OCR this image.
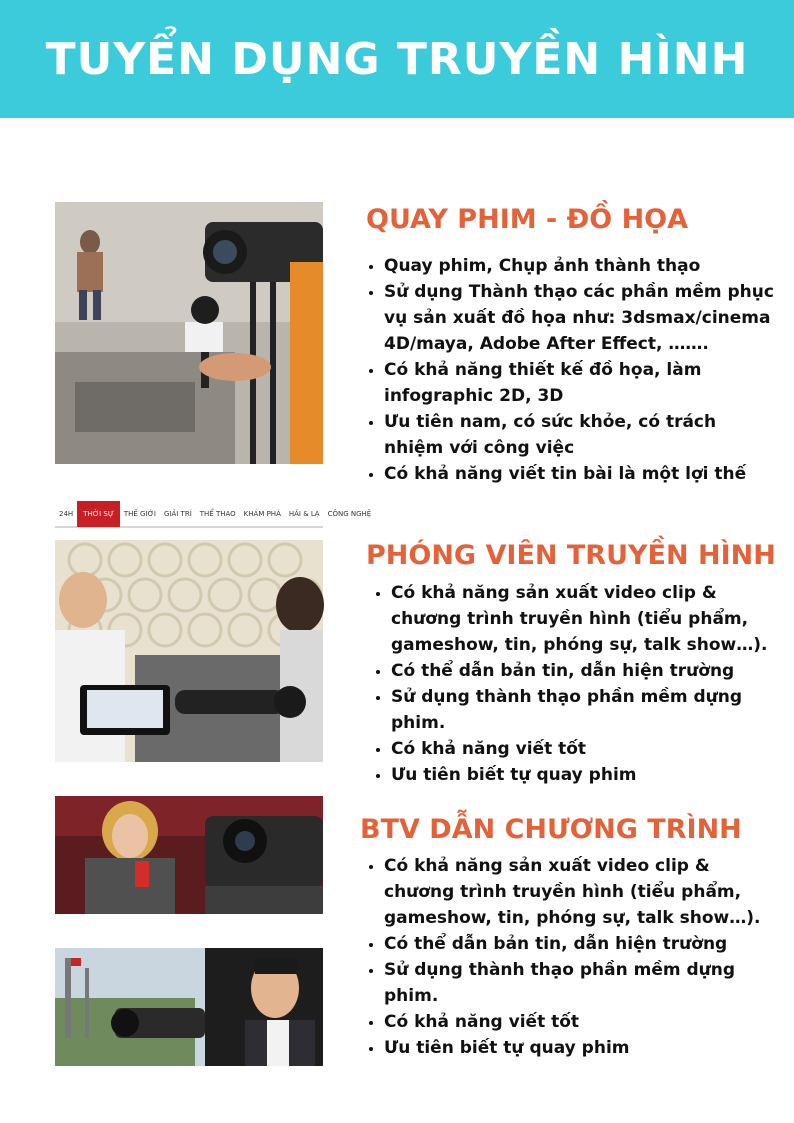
TUYỂN DỤNG TRUYỀN HÌNH
24H	THỜI SỰ	THẾ GIỚI	GIẢI TRÍ	THỂ THAO	KHÁM PHÁ	HẢI & LẠ	CÔNG NGHỆ
QUAY PHIM - ĐỒ HỌA
• Quay phim, Chụp ảnh thành thạo
• Sử dụng Thành thạo các phần mềm phục vụ sản xuất đồ họa như: 3dsmax/cinema 4D/maya, Adobe After Effect, …….
• Có khả năng thiết kế đồ họa, làm infographic 2D, 3D
• Ưu tiên nam, có sức khỏe, có trách nhiệm với công việc
• Có khả năng viết tin bài là một lợi thế
PHÓNG VIÊN TRUYỀN HÌNH
• Có khả năng sản xuất video clip & chương trình truyền hình (tiểu phẩm, gameshow, tin, phóng sự, talk show…).
• Có thể dẫn bản tin, dẫn hiện trường
• Sử dụng thành thạo phần mềm dựng phim.
• Có khả năng viết tốt
• Ưu tiên biết tự quay phim
BTV DẪN CHƯƠNG TRÌNH
• Có khả năng sản xuất video clip & chương trình truyền hình (tiểu phẩm, gameshow, tin, phóng sự, talk show…).
• Có thể dẫn bản tin, dẫn hiện trường
• Sử dụng thành thạo phần mềm dựng phim.
• Có khả năng viết tốt
• Ưu tiên biết tự quay phim
